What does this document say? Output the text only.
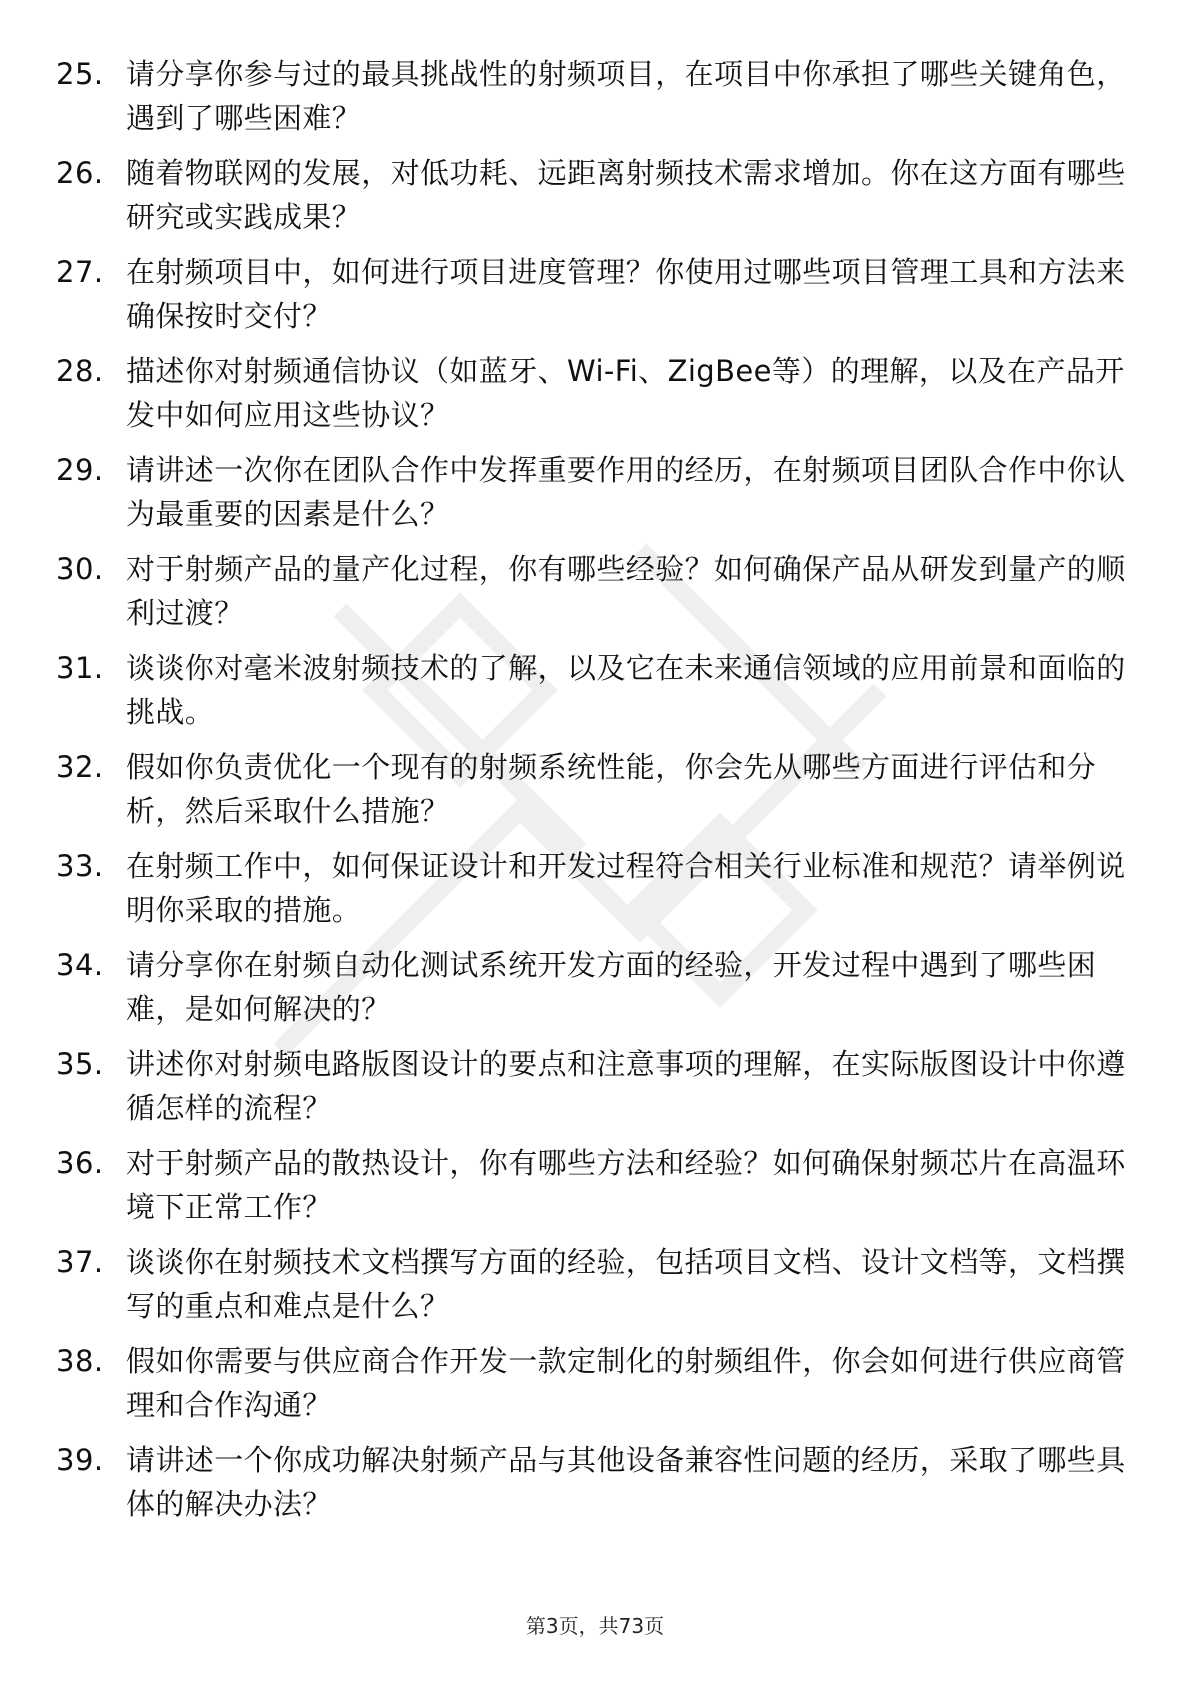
25. 请分享你参与过的最具挑战性的射频项目，在项目中你承担了哪些关键角色，遇到了哪些困难？
26. 随着物联网的发展，对低功耗、远距离射频技术需求增加。你在这方面有哪些研究或实践成果？
27. 在射频项目中，如何进行项目进度管理？你使用过哪些项目管理工具和方法来确保按时交付？
28. 描述你对射频通信协议（如蓝牙、Wi-Fi、ZigBee等）的理解，以及在产品开发中如何应用这些协议？
29. 请讲述一次你在团队合作中发挥重要作用的经历，在射频项目团队合作中你认为最重要的因素是什么？
30. 对于射频产品的量产化过程，你有哪些经验？如何确保产品从研发到量产的顺利过渡？
31. 谈谈你对毫米波射频技术的了解，以及它在未来通信领域的应用前景和面临的挑战。
32. 假如你负责优化一个现有的射频系统性能，你会先从哪些方面进行评估和分析，然后采取什么措施？
33. 在射频工作中，如何保证设计和开发过程符合相关行业标准和规范？请举例说明你采取的措施。
34. 请分享你在射频自动化测试系统开发方面的经验，开发过程中遇到了哪些困难，是如何解决的？
35. 讲述你对射频电路版图设计的要点和注意事项的理解，在实际版图设计中你遵循怎样的流程？
36. 对于射频产品的散热设计，你有哪些方法和经验？如何确保射频芯片在高温环境下正常工作？
37. 谈谈你在射频技术文档撰写方面的经验，包括项目文档、设计文档等，文档撰写的重点和难点是什么？
38. 假如你需要与供应商合作开发一款定制化的射频组件，你会如何进行供应商管理和合作沟通？
39. 请讲述一个你成功解决射频产品与其他设备兼容性问题的经历，采取了哪些具体的解决办法？
第3页，共73页
